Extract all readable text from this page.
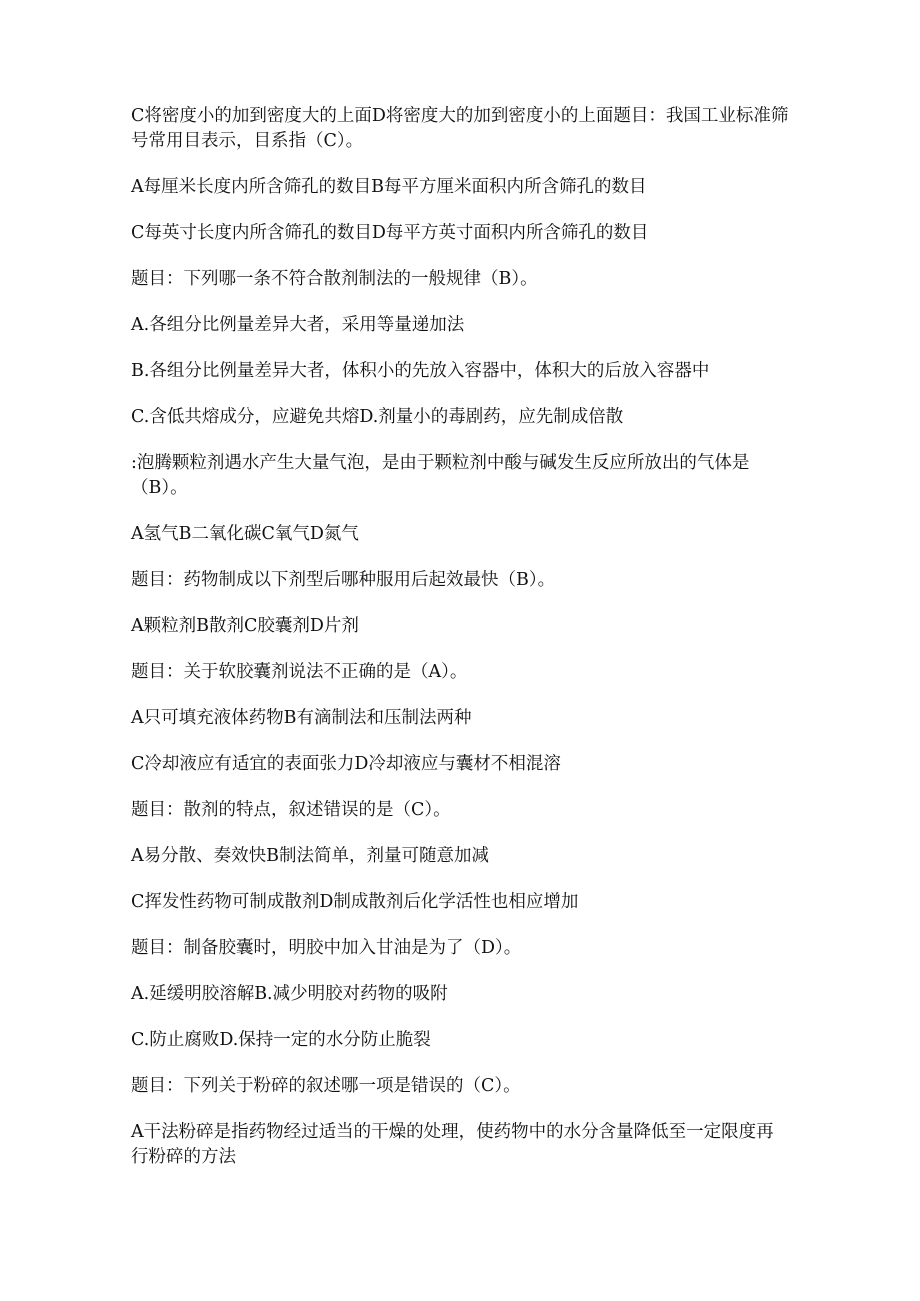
C将密度小的加到密度大的上面D将密度大的加到密度小的上面题目：我国工业标准筛号常用目表示，目系指（C）。

A每厘米长度内所含筛孔的数目B每平方厘米面积内所含筛孔的数目

C每英寸长度内所含筛孔的数目D每平方英寸面积内所含筛孔的数目

题目：下列哪一条不符合散剂制法的一般规律（B）。

A.各组分比例量差异大者，采用等量递加法

B.各组分比例量差异大者，体积小的先放入容器中，体积大的后放入容器中

C.含低共熔成分，应避免共熔D.剂量小的毒剧药，应先制成倍散

:泡腾颗粒剂遇水产生大量气泡，是由于颗粒剂中酸与碱发生反应所放出的气体是（B）。

A氢气B二氧化碳C氧气D氮气

题目：药物制成以下剂型后哪种服用后起效最快（B）。

A颗粒剂B散剂C胶囊剂D片剂

题目：关于软胶囊剂说法不正确的是（A）。

A只可填充液体药物B有滴制法和压制法两种

C冷却液应有适宜的表面张力D冷却液应与囊材不相混溶

题目：散剂的特点，叙述错误的是（C）。

A易分散、奏效快B制法简单，剂量可随意加减

C挥发性药物可制成散剂D制成散剂后化学活性也相应增加

题目：制备胶囊时，明胶中加入甘油是为了（D）。

A.延缓明胶溶解B.减少明胶对药物的吸附

C.防止腐败D.保持一定的水分防止脆裂

题目：下列关于粉碎的叙述哪一项是错误的（C）。

A干法粉碎是指药物经过适当的干燥的处理，使药物中的水分含量降低至一定限度再行粉碎的方法
